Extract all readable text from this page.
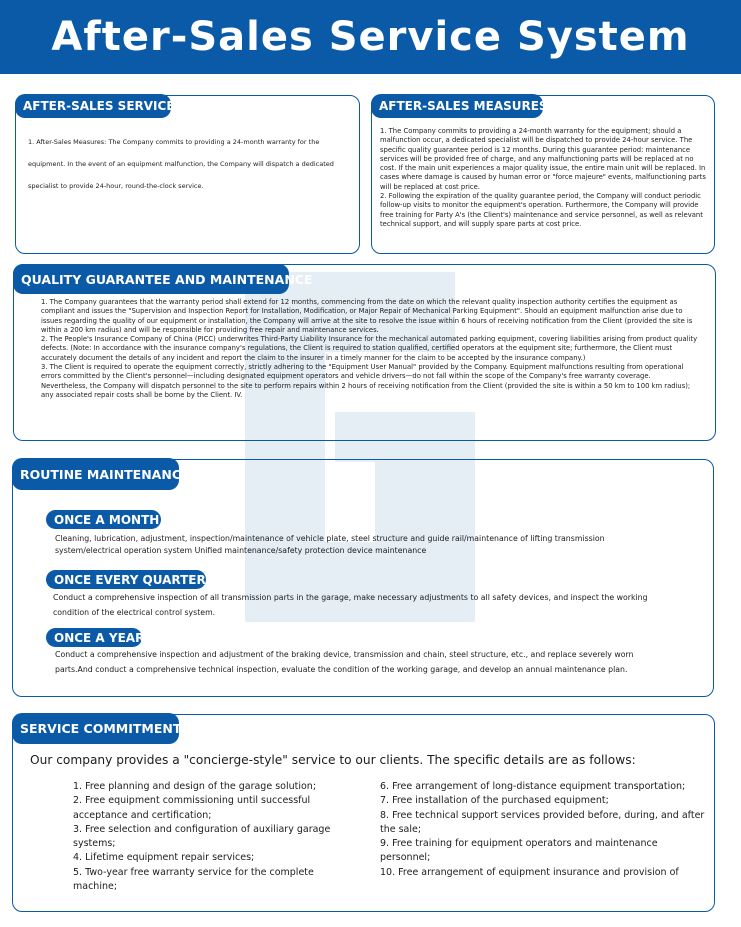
After-Sales Service System
AFTER-SALES SERVICE
1. After-Sales Measures: The Company commits to providing a 24-month warranty for the equipment. In the event of an equipment malfunction, the Company will dispatch a dedicated specialist to provide 24-hour, round-the-clock service.
AFTER-SALES MEASURES
1. The Company commits to providing a 24-month warranty for the equipment; should a malfunction occur, a dedicated specialist will be dispatched to provide 24-hour service. The specific quality guarantee period is 12 months. During this guarantee period: maintenance services will be provided free of charge, and any malfunctioning parts will be replaced at no cost. If the main unit experiences a major quality issue, the entire main unit will be replaced. In cases where damage is caused by human error or "force majeure" events, malfunctioning parts will be replaced at cost price.
2. Following the expiration of the quality guarantee period, the Company will conduct periodic follow-up visits to monitor the equipment's operation. Furthermore, the Company will provide free training for Party A's (the Client's) maintenance and service personnel, as well as relevant technical support, and will supply spare parts at cost price.
QUALITY GUARANTEE AND MAINTENANCE
1. The Company guarantees that the warranty period shall extend for 12 months, commencing from the date on which the relevant quality inspection authority certifies the equipment as compliant and issues the "Supervision and Inspection Report for Installation, Modification, or Major Repair of Mechanical Parking Equipment". Should an equipment malfunction arise due to issues regarding the quality of our equipment or installation, the Company will arrive at the site to resolve the issue within 6 hours of receiving notification from the Client (provided the site is within a 200 km radius) and will be responsible for providing free repair and maintenance services.
2. The People's Insurance Company of China (PICC) underwrites Third-Party Liability Insurance for the mechanical automated parking equipment, covering liabilities arising from product quality defects. (Note: In accordance with the insurance company's regulations, the Client is required to station qualified, certified operators at the equipment site; furthermore, the Client must accurately document the details of any incident and report the claim to the insurer in a timely manner for the claim to be accepted by the insurance company.)
3. The Client is required to operate the equipment correctly, strictly adhering to the "Equipment User Manual" provided by the Company. Equipment malfunctions resulting from operational errors committed by the Client's personnel—including designated equipment operators and vehicle drivers—do not fall within the scope of the Company's free warranty coverage. Nevertheless, the Company will dispatch personnel to the site to perform repairs within 2 hours of receiving notification from the Client (provided the site is within a 50 km to 100 km radius); any associated repair costs shall be borne by the Client. IV.
ROUTINE MAINTENANCE
ONCE A MONTH
Cleaning, lubrication, adjustment, inspection/maintenance of vehicle plate, steel structure and guide rail/maintenance of lifting transmission system/electrical operation system Unified maintenance/safety protection device maintenance
ONCE EVERY QUARTER
Conduct a comprehensive inspection of all transmission parts in the garage, make necessary adjustments to all safety devices, and inspect the working condition of the electrical control system.
ONCE A YEAR
Conduct a comprehensive inspection and adjustment of the braking device, transmission and chain, steel structure, etc., and replace severely worn parts.And conduct a comprehensive technical inspection, evaluate the condition of the working garage, and develop an annual maintenance plan.
SERVICE COMMITMENT
Our company provides a "concierge-style" service to our clients. The specific details are as follows:
1. Free planning and design of the garage solution;
2. Free equipment commissioning until successful acceptance and certification;
3. Free selection and configuration of auxiliary garage systems;
4. Lifetime equipment repair services;
5. Two-year free warranty service for the complete machine;
6. Free arrangement of long-distance equipment transportation;
7. Free installation of the purchased equipment;
8. Free technical support services provided before, during, and after the sale;
9. Free training for equipment operators and maintenance personnel;
10. Free arrangement of equipment insurance and provision of
